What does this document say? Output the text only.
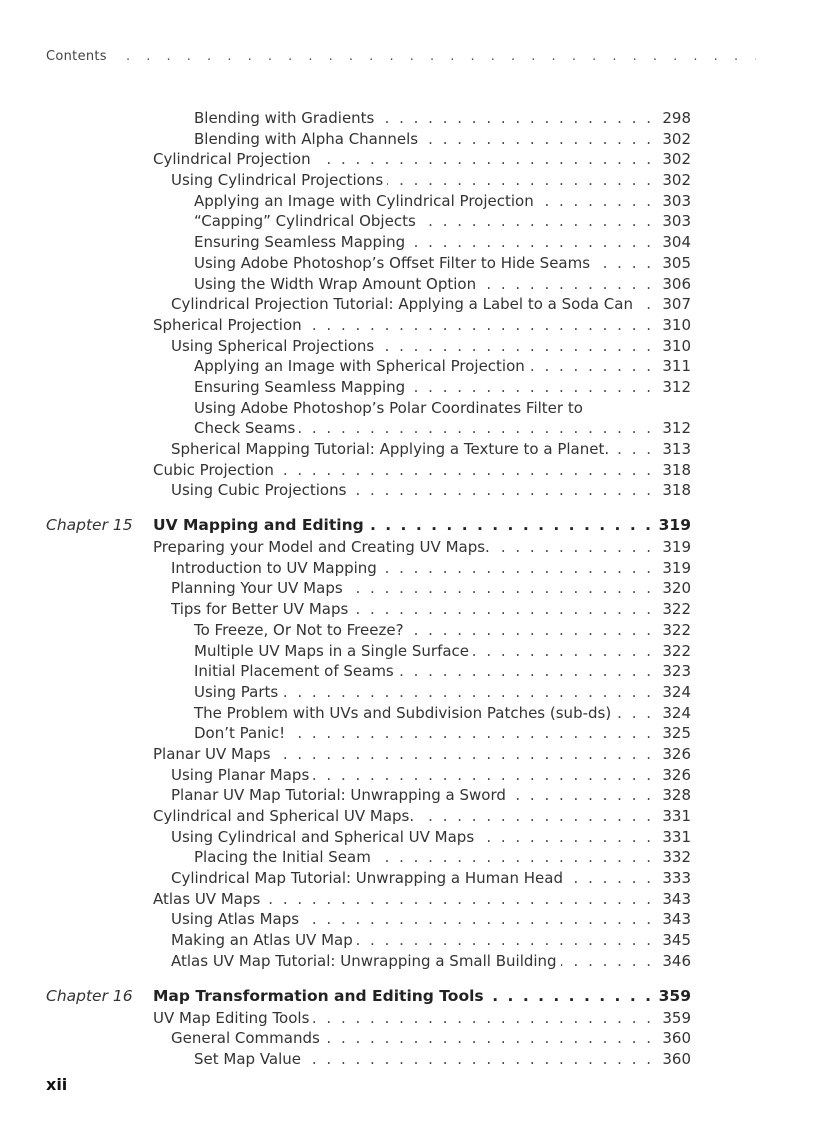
. . .
Contents
Blending with Gradients . . .	298
Blending with Alpha Channels . . .	302
Cylindrical Projection . . .	302
Using Cylindrical Projections . . .	302
Applying an Image with Cylindrical Projection . . .	303
“Capping” Cylindrical Objects . . .	303
Ensuring Seamless Mapping . . .	304
Using Adobe Photoshop’s Offset Filter to Hide Seams . . .	305
Using the Width Wrap Amount Option . . .	306
Cylindrical Projection Tutorial: Applying a Label to a Soda Can . . .	307
Spherical Projection . . .	310
Using Spherical Projections . . .	310
Applying an Image with Spherical Projection . . .	311
Ensuring Seamless Mapping . . .	312
Using Adobe Photoshop’s Polar Coordinates Filter to
Check Seams . . .	312
Spherical Mapping Tutorial: Applying a Texture to a Planet. . . .	313
Cubic Projection . . .	318
Using Cubic Projections . . .	318
Chapter 15 UV Mapping and Editing . . .	319
Preparing your Model and Creating UV Maps. . . .	319
Introduction to UV Mapping . . .	319
Planning Your UV Maps . . .	320
Tips for Better UV Maps . . .	322
To Freeze, Or Not to Freeze? . . .	322
Multiple UV Maps in a Single Surface . . .	322
Initial Placement of Seams . . .	323
Using Parts . . .	324
The Problem with UVs and Subdivision Patches (sub-ds) . . .	324
Don’t Panic! . . .	325
Planar UV Maps . . .	326
Using Planar Maps . . .	326
Planar UV Map Tutorial: Unwrapping a Sword . . .	328
Cylindrical and Spherical UV Maps. . . .	331
Using Cylindrical and Spherical UV Maps . . .	331
Placing the Initial Seam . . .	332
Cylindrical Map Tutorial: Unwrapping a Human Head . . .	333
Atlas UV Maps . . .	343
Using Atlas Maps . . .	343
Making an Atlas UV Map . . .	345
Atlas UV Map Tutorial: Unwrapping a Small Building . . .	346
Chapter 16 Map Transformation and Editing Tools . . .	359
UV Map Editing Tools . . .	359
General Commands . . .	360
Set Map Value . . .	360
xii
